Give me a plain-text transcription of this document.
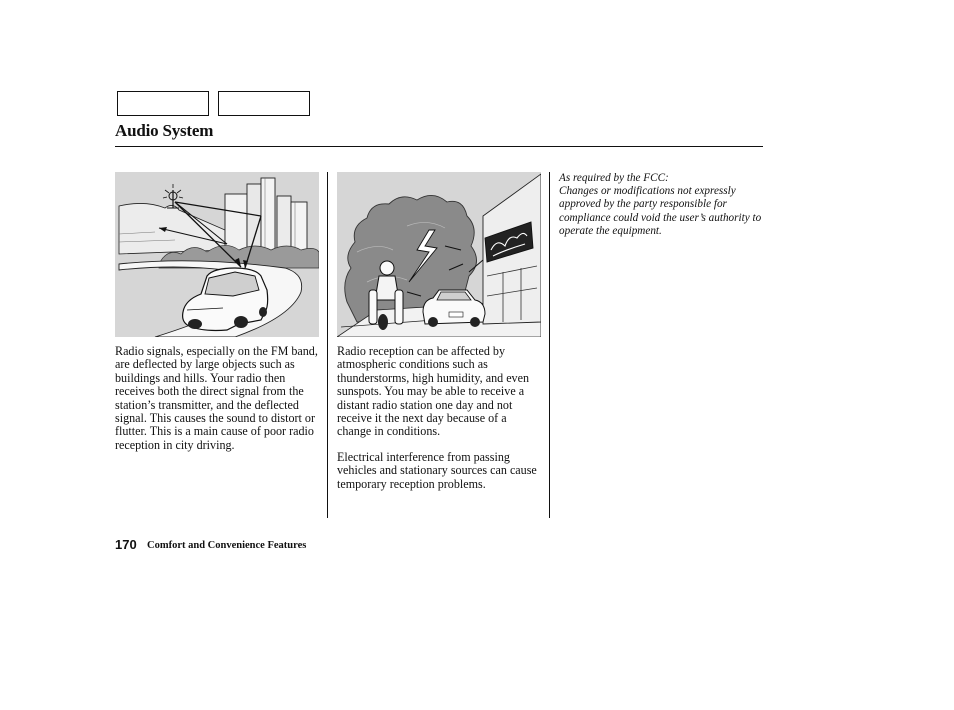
Audio System

Radio signals, especially on the FM band, are deflected by large objects such as buildings and hills. Your radio then receives both the direct signal from the station’s transmitter, and the deflected signal. This causes the sound to distort or flutter. This is a main cause of poor radio reception in city driving.

Radio reception can be affected by atmospheric conditions such as thunderstorms, high humidity, and even sunspots. You may be able to receive a distant radio station one day and not receive it the next day because of a change in conditions.

Electrical interference from passing vehicles and stationary sources can cause temporary reception problems.

As required by the FCC:

Changes or modifications not expressly approved by the party responsible for compliance could void the user’s authority to operate the equipment.

170 Comfort and Convenience Features
